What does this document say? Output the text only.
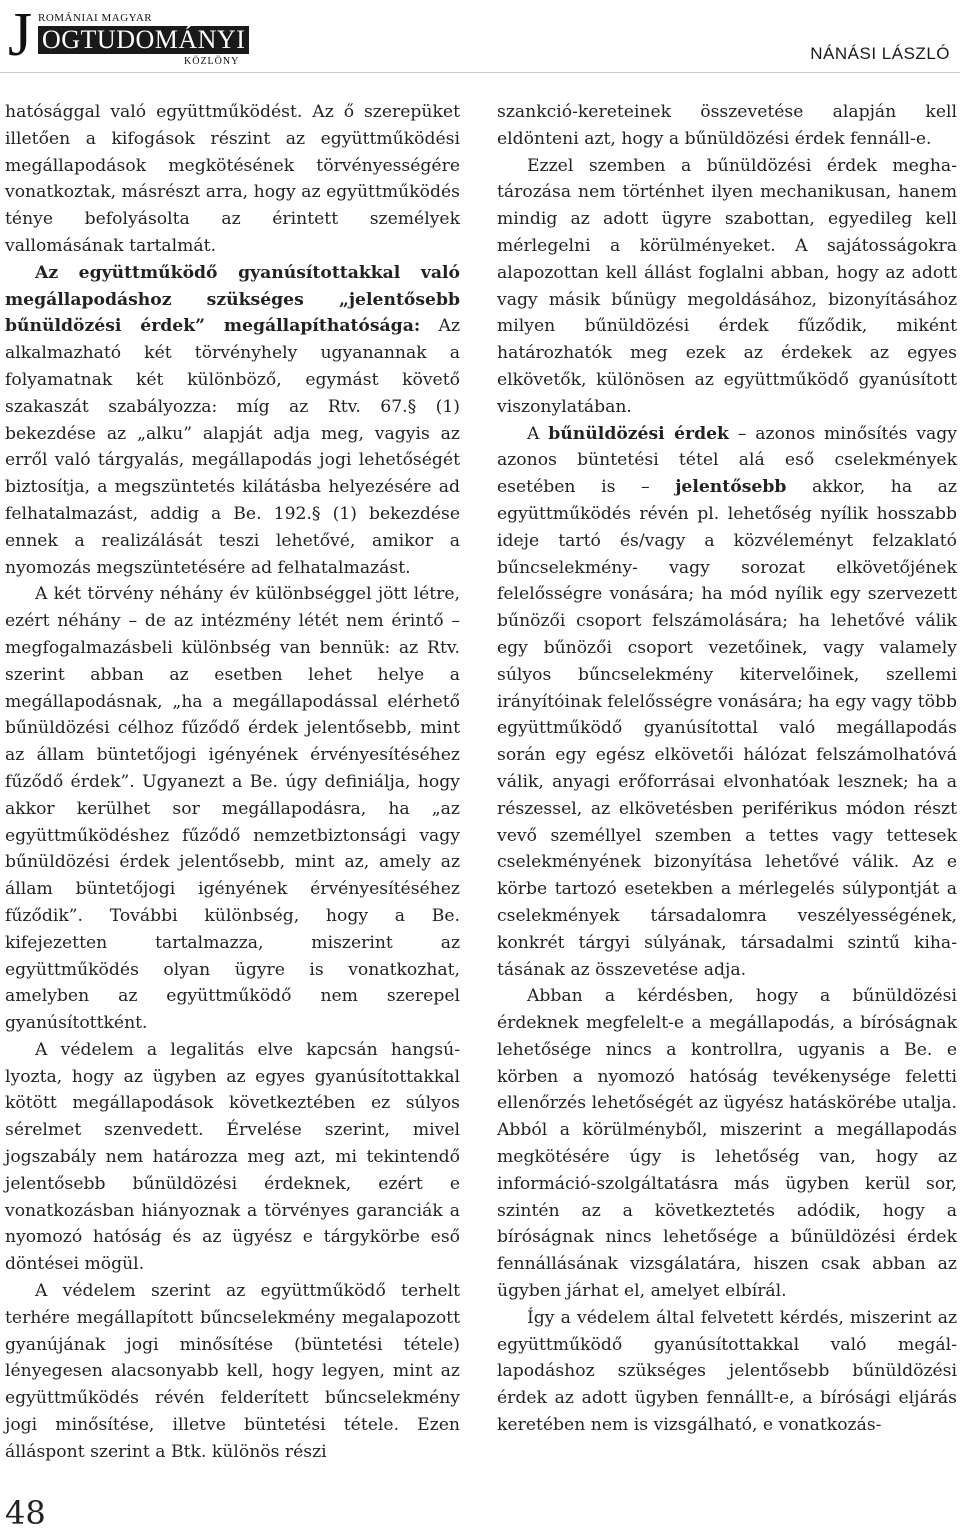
J ROMÁNIAI MAGYAR
OGTUDOMÁNYI
KÖZLÖNY	NÁNÁSI LÁSZLÓ

hatósággal való együttműködést. Az ő szerepüket illetően a kifogások részint az együttműködési megállapodások megkötésének törvényességére vonatkoztak, másrészt arra, hogy az együttműködés ténye befolyásolta az érintett személyek vallomásának tartalmát.

Az együttműködő gyanúsítottakkal való megállapodáshoz szükséges „jelentősebb bűnüldözési érdek” megállapíthatósága: Az alkalmazható két törvényhely ugyanannak a folyamatnak két különböző, egymást követő szakaszát szabályozza: míg az Rtv. 67.§ (1) bekezdése az „alku” alapját adja meg, vagyis az erről való tárgyalás, megállapodás jogi lehetőségét biztosítja, a megszüntetés kilátásba helyezésére ad felhatalmazást, addig a Be. 192.§ (1) bekezdése ennek a realizálását teszi lehetővé, amikor a nyomozás megszüntetésére ad felhatalmazást.

A két törvény néhány év különbséggel jött létre, ezért néhány – de az intézmény létét nem érintő – megfogalmazásbeli különbség van bennük: az Rtv. szerint abban az esetben lehet helye a megállapodásnak, „ha a megállapodással elérhető bűnüldözési célhoz fűződő érdek jelentősebb, mint az állam büntetőjogi igényének érvényesítéséhez fűződő érdek”. Ugyanezt a Be. úgy definiálja, hogy akkor kerülhet sor megállapodásra, ha „az együttműködéshez fűződő nemzetbiztonsági vagy bűnüldözési érdek jelentősebb, mint az, amely az állam büntetőjogi igényének érvényesítéséhez fűződik”. További különbség, hogy a Be. kifejezetten tartalmazza, miszerint az együttműködés olyan ügyre is vonatkozhat, amelyben az együttműködő nem szerepel gyanúsítottként.

A védelem a legalitás elve kapcsán hangsúlyozta, hogy az ügyben az egyes gyanúsítottakkal kötött megállapodások következtében ez súlyos sérelmet szenvedett. Érvelése szerint, mivel jogszabály nem határozza meg azt, mi tekintendő jelentősebb bűnüldözési érdeknek, ezért e vonatkozásban hiányoznak a törvényes garanciák a nyomozó hatóság és az ügyész e tárgykörbe eső döntései mögül.

A védelem szerint az együttműködő terhelt terhére megállapított bűncselekmény megalapozott gyanújának jogi minősítése (büntetési tétele) lényegesen alacsonyabb kell, hogy legyen, mint az együttműködés révén felderített bűncselekmény jogi minősítése, illetve büntetési tétele. Ezen álláspont szerint a Btk. különös részi

szankció-kereteinek összevetése alapján kell eldönteni azt, hogy a bűnüldözési érdek fennáll-e.

Ezzel szemben a bűnüldözési érdek meghatározása nem történhet ilyen mechanikusan, hanem mindig az adott ügyre szabottan, egyedileg kell mérlegelni a körülményeket. A sajátosságokra alapozottan kell állást foglalni abban, hogy az adott vagy másik bűnügy megoldásához, bizonyításához milyen bűnüldözési érdek fűződik, miként határozhatók meg ezek az érdekek az egyes elkövetők, különösen az együttműködő gyanúsított viszonylatában.

A bűnüldözési érdek – azonos minősítés vagy azonos büntetési tétel alá eső cselekmények esetében is – jelentősebb akkor, ha az együttműködés révén pl. lehetőség nyílik hosszabb ideje tartó és/vagy a közvéleményt felzaklató bűncselekmény- vagy sorozat elkövetőjének felelősségre vonására; ha mód nyílik egy szervezett bűnözői csoport felszámolására; ha lehetővé válik egy bűnözői csoport vezetőinek, vagy valamely súlyos bűncselekmény kitervelőinek, szellemi irányítóinak felelősségre vonására; ha egy vagy több együttműködő gyanúsítottal való megállapodás során egy egész elkövetői hálózat felszámolhatóvá válik, anyagi erőforrásai elvonhatóak lesznek; ha a részessel, az elkövetésben periférikus módon részt vevő személlyel szemben a tettes vagy tettesek cselekményének bizonyítása lehetővé válik. Az e körbe tartozó esetekben a mérlegelés súlypontját a cselekmények társadalomra veszélyességének, konkrét tárgyi súlyának, társadalmi szintű kihatásának az összevetése adja.

Abban a kérdésben, hogy a bűnüldözési érdeknek megfelelt-e a megállapodás, a bíróságnak lehetősége nincs a kontrollra, ugyanis a Be. e körben a nyomozó hatóság tevékenysége feletti ellenőrzés lehetőségét az ügyész hatáskörébe utalja. Abból a körülményből, miszerint a megállapodás megkötésére úgy is lehetőség van, hogy az információ-szolgáltatásra más ügyben kerül sor, szintén az a következtetés adódik, hogy a bíróságnak nincs lehetősége a bűnüldözési érdek fennállásának vizsgálatára, hiszen csak abban az ügyben járhat el, amelyet elbírál.

Így a védelem által felvetett kérdés, miszerint az együttműködő gyanúsítottakkal való megállapodáshoz szükséges jelentősebb bűnüldözési érdek az adott ügyben fennállt-e, a bírósági eljárás keretében nem is vizsgálható, e vonatkozás-

48
